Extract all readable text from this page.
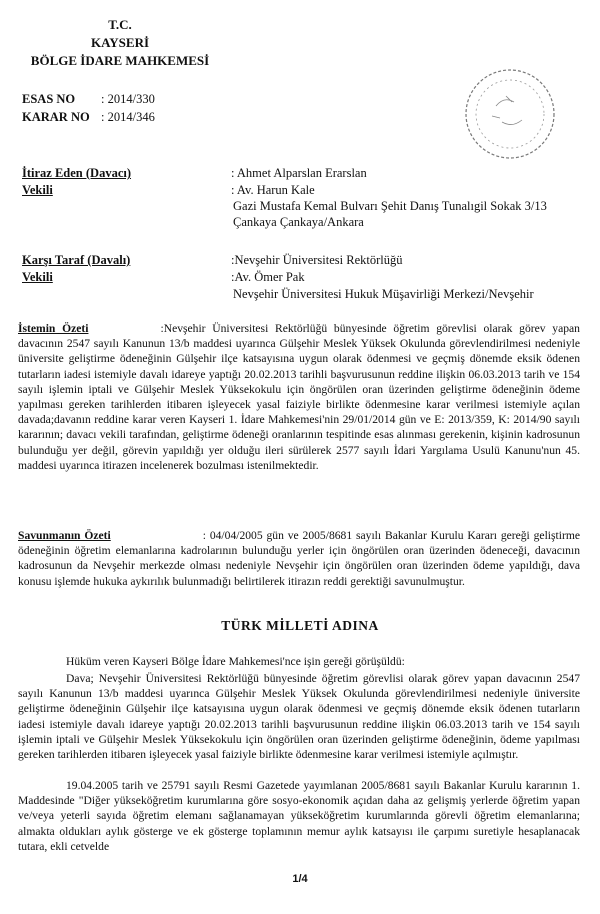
T.C.
KAYSERİ
BÖLGE İDARE MAHKEMESİ
ESAS NO : 2014/330
KARAR NO : 2014/346
İtiraz Eden (Davacı)	: Ahmet Alparslan Erarslan
Vekili	: Av. Harun Kale
Gazi Mustafa Kemal Bulvarı Şehit Danış Tunalıgil Sokak 3/13
Çankaya Çankaya/Ankara
Karşı Taraf (Davalı)	:Nevşehir Üniversitesi Rektörlüğü
Vekili	:Av. Ömer Pak
Nevşehir Üniversitesi Hukuk Müşavirliği Merkezi/Nevşehir

İstemin Özeti	:Nevşehir Üniversitesi Rektörlüğü bünyesinde öğretim görevlisi olarak görev yapan davacının 2547 sayılı Kanunun 13/b maddesi uyarınca Gülşehir Meslek Yüksek Okulunda görevlendirilmesi nedeniyle üniversite geliştirme ödeneğinin Gülşehir ilçe katsayısına uygun olarak ödenmesi ve geçmiş dönemde eksik ödenen tutarların iadesi istemiyle davalı idareye yaptığı 20.02.2013 tarihli başvurusunun reddine ilişkin 06.03.2013 tarih ve 154 sayılı işlemin iptali ve Gülşehir Meslek Yüksekokulu için öngörülen oran üzerinden geliştirme ödeneğinin ödeme yapılması gereken tarihlerden itibaren işleyecek yasal faiziyle birlikte ödenmesine karar verilmesi istemiyle açılan davada;davanın reddine karar veren Kayseri 1. İdare Mahkemesi'nin 29/01/2014 gün ve E: 2013/359, K: 2014/90 sayılı kararının; davacı vekili tarafından, geliştirme ödeneği oranlarının tespitinde esas alınması gerekenin, kişinin kadrosunun bulunduğu yer değil, görevin yapıldığı yer olduğu ileri sürülerek 2577 sayılı İdari Yargılama Usulü Kanunu'nun 45. maddesi uyarınca itirazen incelenerek bozulması istenilmektedir.

Savunmanın Özeti	: 04/04/2005 gün ve 2005/8681 sayılı Bakanlar Kurulu Kararı gereği geliştirme ödeneğinin öğretim elemanlarına kadrolarının bulunduğu yerler için öngörülen oran üzerinden ödeneceği, davacının kadrosunun da Nevşehir merkezde olması nedeniyle Nevşehir için öngörülen oran üzerinden ödeme yapıldığı, dava konusu işlemde hukuka aykırılık bulunmadığı belirtilerek itirazın reddi gerektiği savunulmuştur.

TÜRK MİLLETİ ADINA

Hüküm veren Kayseri Bölge İdare Mahkemesi'nce işin gereği görüşüldü:

Dava; Nevşehir Üniversitesi Rektörlüğü bünyesinde öğretim görevlisi olarak görev yapan davacının 2547 sayılı Kanunun 13/b maddesi uyarınca Gülşehir Meslek Yüksek Okulunda görevlendirilmesi nedeniyle üniversite geliştirme ödeneğinin Gülşehir ilçe katsayısına uygun olarak ödenmesi ve geçmiş dönemde eksik ödenen tutarların iadesi istemiyle davalı idareye yaptığı 20.02.2013 tarihli başvurusunun reddine ilişkin 06.03.2013 tarih ve 154 sayılı işlemin iptali ve Gülşehir Meslek Yüksekokulu için öngörülen oran üzerinden geliştirme ödeneğinin, ödeme yapılması gereken tarihlerden itibaren işleyecek yasal faiziyle birlikte ödenmesine karar verilmesi istemiyle açılmıştır.

19.04.2005 tarih ve 25791 sayılı Resmi Gazetede yayımlanan 2005/8681 sayılı Bakanlar Kurulu kararının 1. Maddesinde "Diğer yükseköğretim kurumlarına göre sosyo-ekonomik açıdan daha az gelişmiş yerlerde öğretim yapan ve/veya yeterli sayıda öğretim elemanı sağlanamayan yükseköğretim kurumlarında görevli öğretim elemanlarına; almakta oldukları aylık gösterge ve ek gösterge toplamının memur aylık katsayısı ile çarpımı suretiyle hesaplanacak tutara, ekli cetvelde

1/4
